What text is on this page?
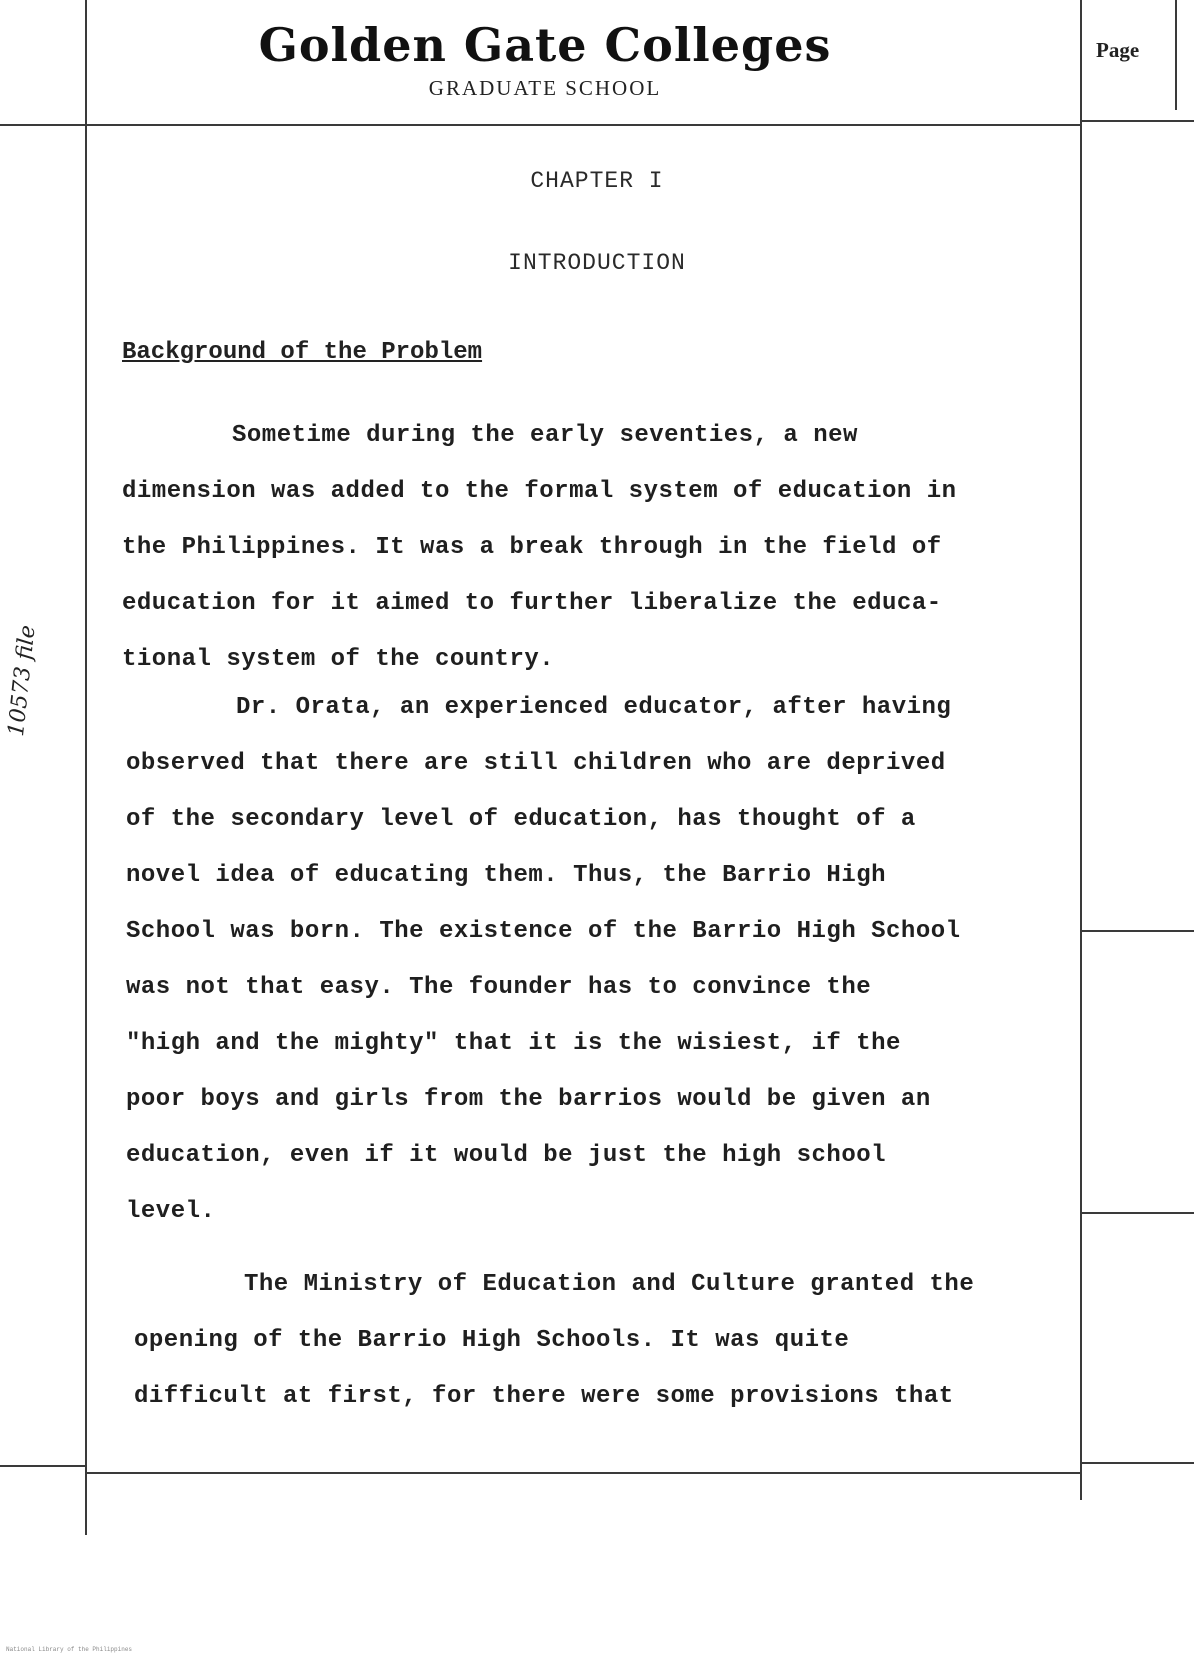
Golden Gate Colleges
GRADUATE SCHOOL
Page
CHAPTER I
INTRODUCTION
Background of the Problem
Sometime during the early seventies, a new
dimension was added to the formal system of education in
the Philippines. It was a break through in the field of
education for it aimed to further liberalize the educa-
tional system of the country.
Dr. Orata, an experienced educator, after having
observed that there are still children who are deprived
of the secondary level of education, has thought of a
novel idea of educating them. Thus, the Barrio High
School was born. The existence of the Barrio High School
was not that easy. The founder has to convince the
"high and the mighty" that it is the wisiest, if the
poor boys and girls from the barrios would be given an
education, even if it would be just the high school
level.
The Ministry of Education and Culture granted the
opening of the Barrio High Schools. It was quite
difficult at first, for there were some provisions that
10573 file
National Library of the Philippines
